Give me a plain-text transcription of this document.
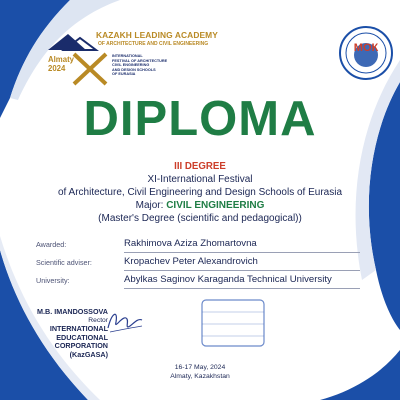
KAZAKH LEADING ACADEMY
OF ARCHITECTURE AND CIVIL ENGINEERING
INTERNATIONAL
FESTIVAL OF ARCHITECTURE
CIVIL ENGINEERING
AND DESIGN SCHOOLS
OF EURASIA
Almaty
2024
МОК
DIPLOMA
III DEGREE
XI-International Festival
of Architecture, Civil Engineering and Design Schools of Eurasia
Major: CIVIL ENGINEERING
(Master's Degree (scientific and pedagogical))
Awarded:	Rakhimova Aziza Zhomartovna
Scientific adviser:	Kropachev Peter Alexandrovich
University:	Abylkas Saginov Karaganda Technical University
M.B. IMANDOSSOVA
Rector
INTERNATIONAL
EDUCATIONAL
CORPORATION (KazGASA)
16-17 May, 2024
Almaty, Kazakhstan
